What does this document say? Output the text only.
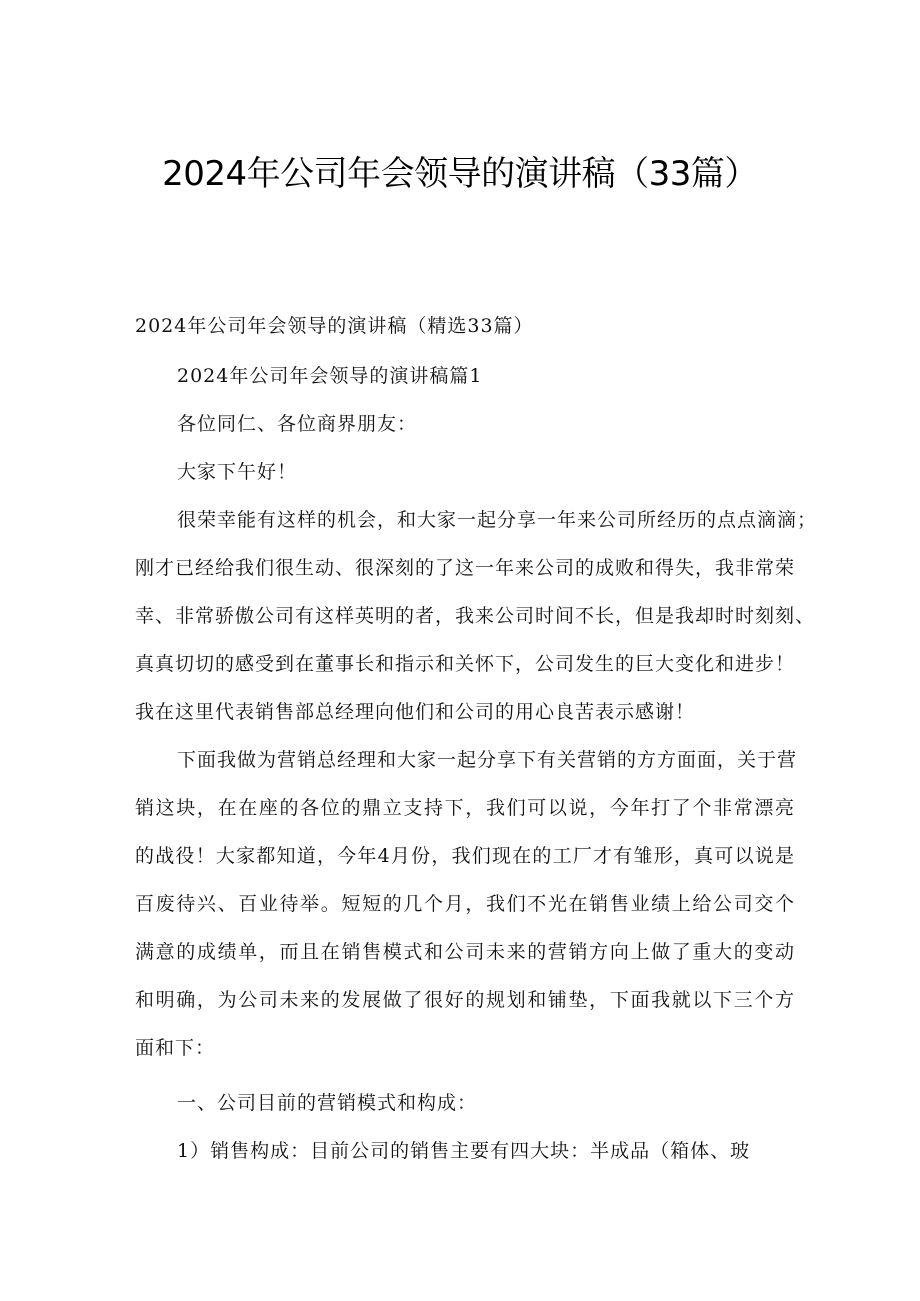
2024年公司年会领导的演讲稿（33篇）
2024年公司年会领导的演讲稿（精选33篇）
2024年公司年会领导的演讲稿篇1
各位同仁、各位商界朋友：
大家下午好！
很荣幸能有这样的机会，和大家一起分享一年来公司所经历的点点滴滴；
刚才已经给我们很生动、很深刻的了这一年来公司的成败和得失，我非常荣
幸、非常骄傲公司有这样英明的者，我来公司时间不长，但是我却时时刻刻、
真真切切的感受到在董事长和指示和关怀下，公司发生的巨大变化和进步！
我在这里代表销售部总经理向他们和公司的用心良苦表示感谢！
下面我做为营销总经理和大家一起分享下有关营销的方方面面，关于营
销这块，在在座的各位的鼎立支持下，我们可以说，今年打了个非常漂亮
的战役！大家都知道，今年4月份，我们现在的工厂才有雏形，真可以说是
百废待兴、百业待举。短短的几个月，我们不光在销售业绩上给公司交个
满意的成绩单，而且在销售模式和公司未来的营销方向上做了重大的变动
和明确，为公司未来的发展做了很好的规划和铺垫，下面我就以下三个方
面和下：
一、公司目前的营销模式和构成：
1）销售构成：目前公司的销售主要有四大块：半成品（箱体、玻
